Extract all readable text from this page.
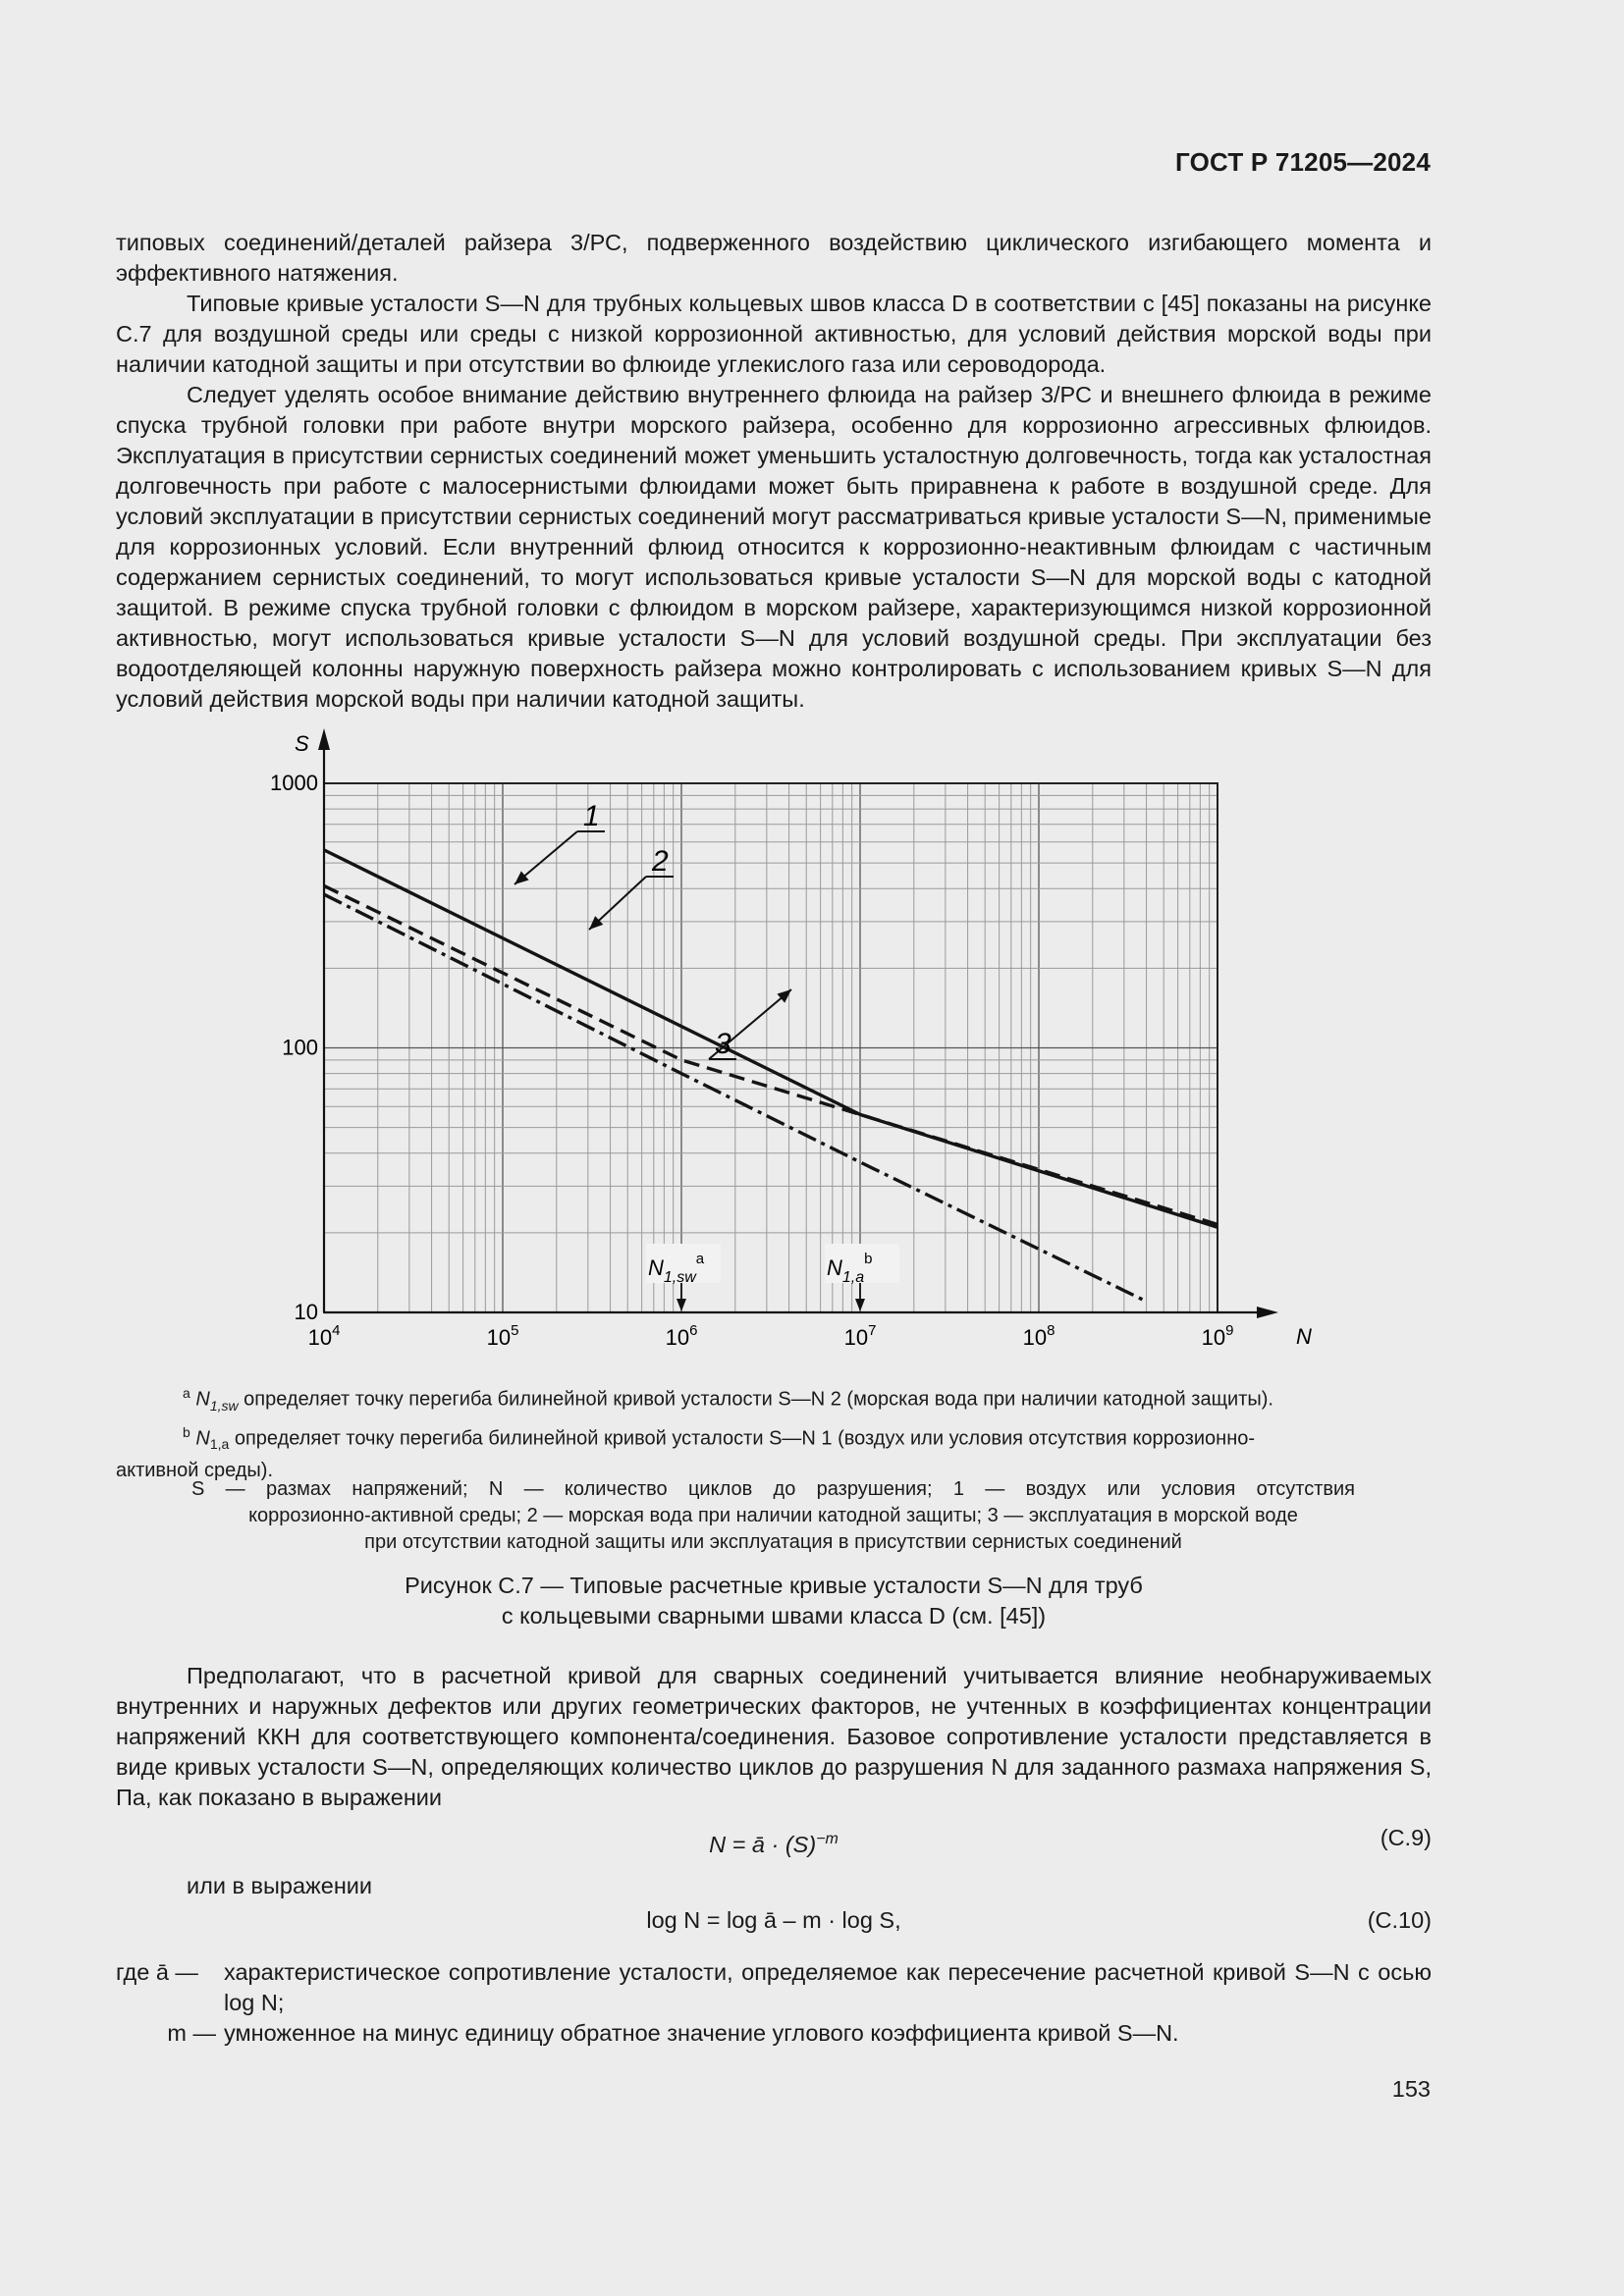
ГОСТ Р 71205—2024

типовых соединений/деталей райзера 3/РС, подверженного воздействию циклического изгибающего момента и эффективного натяжения.

Типовые кривые усталости S—N для трубных кольцевых швов класса D в соответствии с [45] показаны на рисунке С.7 для воздушной среды или среды с низкой коррозионной активностью, для условий действия морской воды при наличии катодной защиты и при отсутствии во флюиде углекислого газа или сероводорода.

Следует уделять особое внимание действию внутреннего флюида на райзер 3/РС и внешнего флюида в режиме спуска трубной головки при работе внутри морского райзера, особенно для коррозионно агрессивных флюидов. Эксплуатация в присутствии сернистых соединений может уменьшить усталостную долговечность, тогда как усталостная долговечность при работе с малосернистыми флюидами может быть приравнена к работе в воздушной среде. Для условий эксплуатации в присутствии сернистых соединений могут рассматриваться кривые усталости S—N, применимые для коррозионных условий. Если внутренний флюид относится к коррозионно-неактивным флюидам с частичным содержанием сернистых соединений, то могут использоваться кривые усталости S—N для морской воды с катодной защитой. В режиме спуска трубной головки с флюидом в морском райзере, характеризующимся низкой коррозионной активностью, могут использоваться кривые усталости S—N для условий воздушной среды. При эксплуатации без водоотделяющей колонны наружную поверхность райзера можно контролировать с использованием кривых S—N для условий действия морской воды при наличии катодной защиты.

N
S
$10^4$	$10^5$	$10^6$	$10^7$	$10^8$	$10^9$
10
100
1000
1
2
3
$N_{1,sw}^a$	$N_{1,a}^b$
$^a$ $N_{1,sw}$ определяет точку перегиба билинейной кривой усталости S—N 2 (морская вода при наличии катодной защиты).
$^b$ $N_{1,a}$ определяет точку перегиба билинейной кривой усталости S—N 1 (воздух или условия отсутствия коррозионно-
активной среды).
S — размах напряжений; N — количество циклов до разрушения; 1 — воздух или условия отсутствия
коррозионно-активной среды; 2 — морская вода при наличии катодной защиты; 3 — эксплуатация в морской воде
при отсутствии катодной защиты или эксплуатация в присутствии сернистых соединений
Рисунок С.7 — Типовые расчетные кривые усталости S—N для труб
с кольцевыми сварными швами класса D (см. [45])
Предполагают, что в расчетной кривой для сварных соединений учитывается влияние необнаруживаемых внутренних и наружных дефектов или других геометрических факторов, не учтенных в коэффициентах концентрации напряжений ККН для соответствующего компонента/соединения. Базовое сопротивление усталости представляется в виде кривых усталости S—N, определяющих количество циклов до разрушения N для заданного размаха напряжения S, Па, как показано в выражении
N = ā · $(S)^{-m}$	(С.9)
или в выражении
log N = log ā – m · log S,	(С.10)
где ā —	характеристическое сопротивление усталости, определяемое как пересечение расчетной кривой S—N с осью log N;
m — умноженное на минус единицу обратное значение углового коэффициента кривой S—N.
153
